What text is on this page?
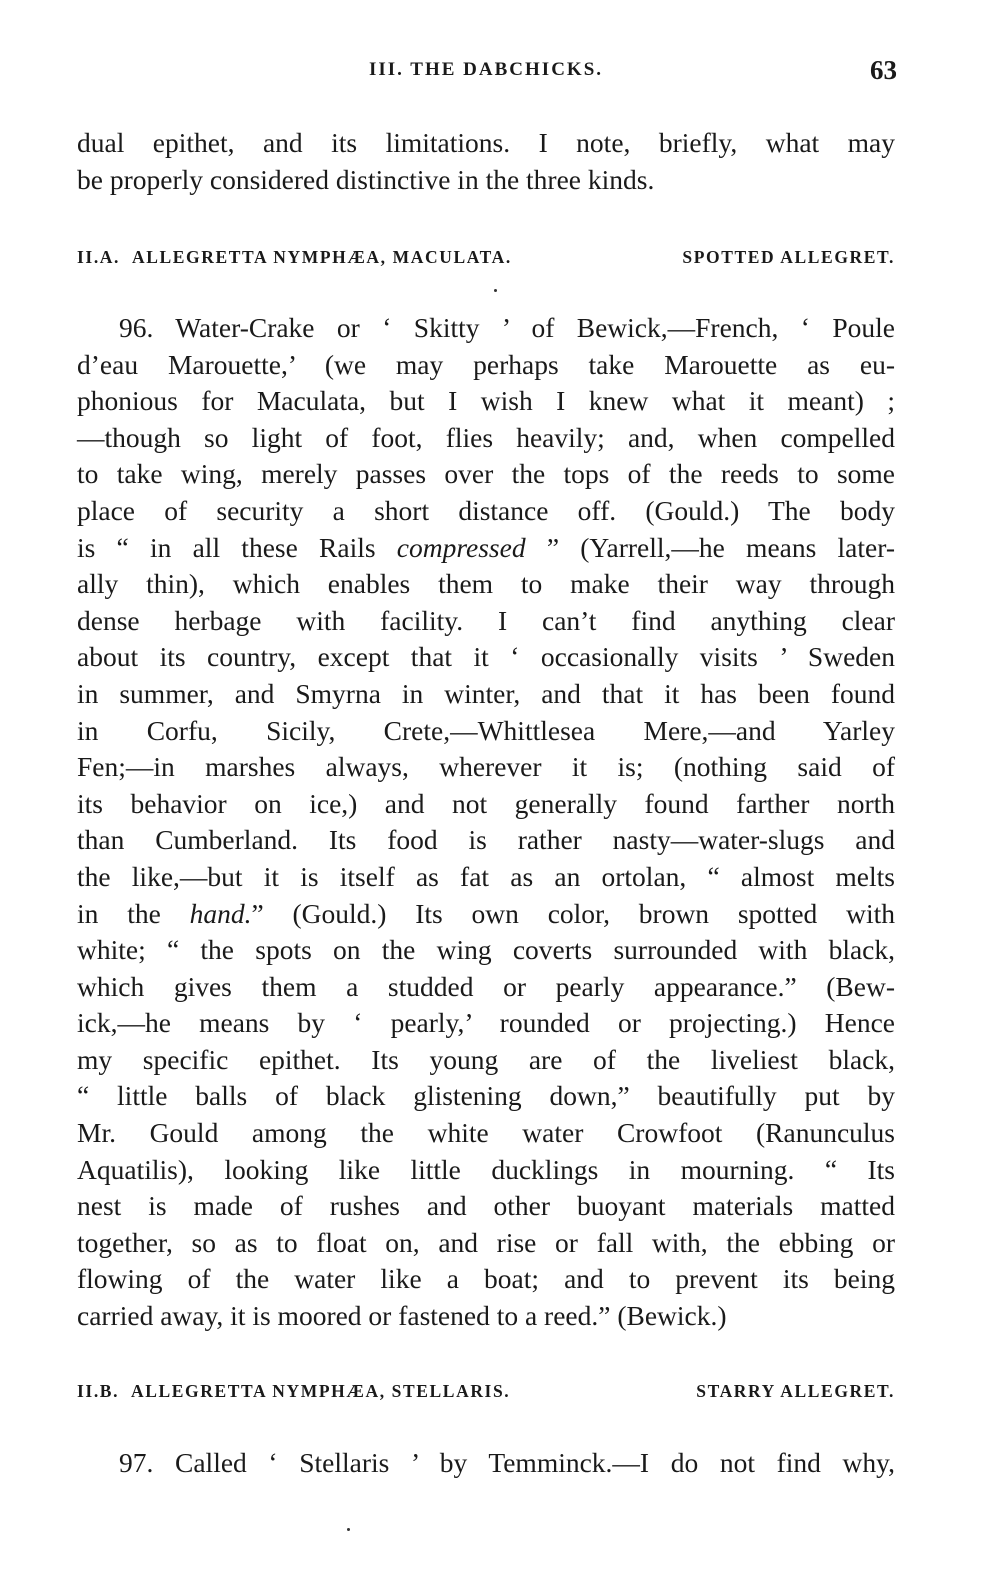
III. THE DABCHICKS.	63
dual epithet, and its limitations. I note, briefly, what may
be properly considered distinctive in the three kinds.
II.A. ALLEGRETTA NYMPHÆA, MACULATA.	SPOTTED ALLEGRET.
96. Water-Crake or ‘ Skitty ’ of Bewick,—French, ‘ Poule
d’eau Marouette,’ (we may perhaps take Marouette as eu-
phonious for Maculata, but I wish I knew what it meant) ;
—though so light of foot, flies heavily; and, when compelled
to take wing, merely passes over the tops of the reeds to some
place of security a short distance off. (Gould.) The body
is “ in all these Rails compressed ” (Yarrell,—he means later-
ally thin), which enables them to make their way through
dense herbage with facility. I can’t find anything clear
about its country, except that it ‘ occasionally visits ’ Sweden
in summer, and Smyrna in winter, and that it has been found
in Corfu, Sicily, Crete,—Whittlesea Mere,—and Yarley
Fen;—in marshes always, wherever it is; (nothing said of
its behavior on ice,) and not generally found farther north
than Cumberland. Its food is rather nasty—water-slugs and
the like,—but it is itself as fat as an ortolan, “ almost melts
in the hand.” (Gould.) Its own color, brown spotted with
white; “ the spots on the wing coverts surrounded with black,
which gives them a studded or pearly appearance.” (Bew-
ick,—he means by ‘ pearly,’ rounded or projecting.) Hence
my specific epithet. Its young are of the liveliest black,
“ little balls of black glistening down,” beautifully put by
Mr. Gould among the white water Crowfoot (Ranunculus
Aquatilis), looking like little ducklings in mourning. “ Its
nest is made of rushes and other buoyant materials matted
together, so as to float on, and rise or fall with, the ebbing or
flowing of the water like a boat; and to prevent its being
carried away, it is moored or fastened to a reed.” (Bewick.)
II.B. ALLEGRETTA NYMPHÆA, STELLARIS.	STARRY ALLEGRET.
97. Called ‘ Stellaris ’ by Temminck.—I do not find why,
